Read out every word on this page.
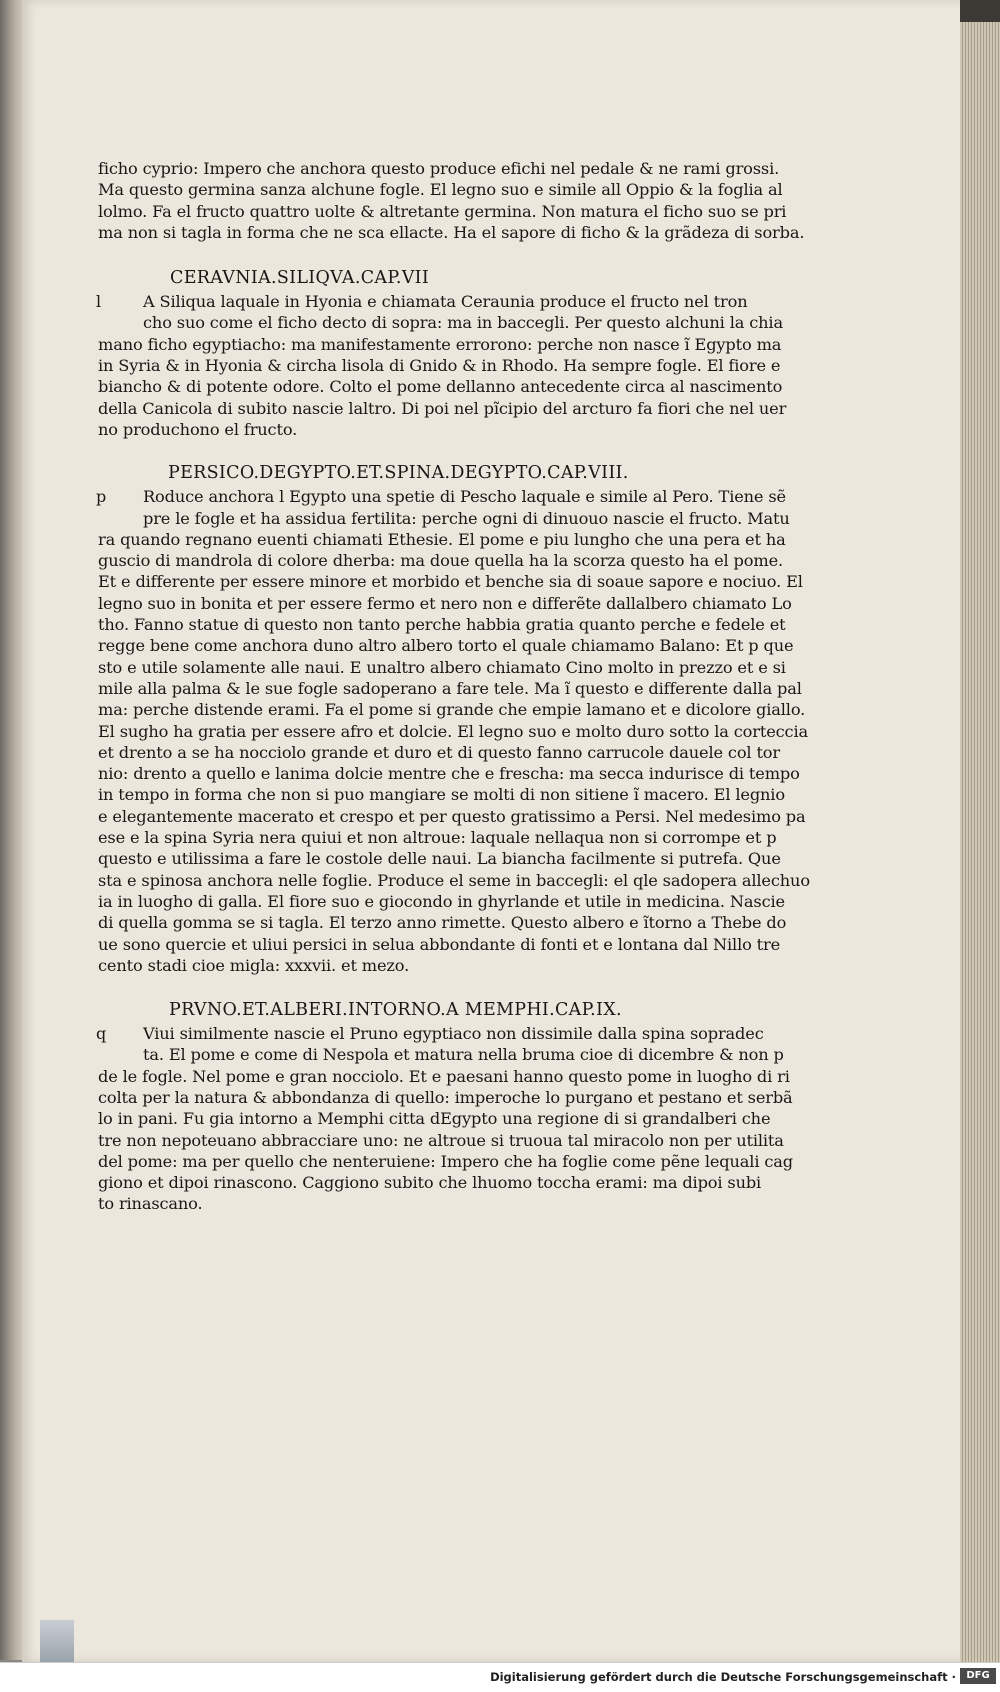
ficho cyprio: Impero che anchora questo produce efichi nel pedale & ne rami grossi.
Ma questo germina sanza alchune fogle. El legno suo e simile all Oppio & la foglia al
lolmo. Fa el fructo quattro uolte & altretante germina. Non matura el ficho suo se pri
ma non si tagla in forma che ne sca ellacte. Ha el sapore di ficho & la grãdeza di sorba.
CERAVNIA.SILIQVA.CAP.VII
l	A Siliqua laquale in Hyonia e chiamata Ceraunia produce el fructo nel tron
cho suo come el ficho decto di sopra: ma in baccegli. Per questo alchuni la chia
mano ficho egyptiacho: ma manifestamente errorono: perche non nasce ĩ Egypto ma
in Syria & in Hyonia & circha lisola di Gnido & in Rhodo. Ha sempre fogle. El fiore e
biancho & di potente odore. Colto el pome dellanno antecedente circa al nascimento
della Canicola di subito nascie laltro. Di poi nel pĩcipio del arcturo fa fiori che nel uer
no produchono el fructo.
PERSICO.DEGYPTO.ET.SPINA.DEGYPTO.CAP.VIII.
p Roduce anchora l Egypto una spetie di Pescho laquale e simile al Pero. Tiene sẽ
pre le fogle et ha assidua fertilita: perche ogni di dinuouo nascie el fructo. Matu
ra quando regnano euenti chiamati Ethesie. El pome e piu lungho che una pera et ha
guscio di mandrola di colore dherba: ma doue quella ha la scorza questo ha el pome.
Et e differente per essere minore et morbido et benche sia di soaue sapore e nociuo. El
legno suo in bonita et per essere fermo et nero non e differẽte dallalbero chiamato Lo
tho. Fanno statue di questo non tanto perche habbia gratia quanto perche e fedele et
regge bene come anchora duno altro albero torto el quale chiamamo Balano: Et p que
sto e utile solamente alle naui. E unaltro albero chiamato Cino molto in prezzo et e si
mile alla palma & le sue fogle sadoperano a fare tele. Ma ĩ questo e differente dalla pal
ma: perche distende erami. Fa el pome si grande che empie lamano et e dicolore giallo.
El sugho ha gratia per essere afro et dolcie. El legno suo e molto duro sotto la corteccia
et drento a se ha nocciolo grande et duro et di questo fanno carrucole dauele col tor
nio: drento a quello e lanima dolcie mentre che e frescha: ma secca indurisce di tempo
in tempo in forma che non si puo mangiare se molti di non sitiene ĩ macero. El legnio
e elegantemente macerato et crespo et per questo gratissimo a Persi. Nel medesimo pa
ese e la spina Syria nera quiui et non altroue: laquale nellaqua non si corrompe et p
questo e utilissima a fare le costole delle naui. La biancha facilmente si putrefa. Que
sta e spinosa anchora nelle foglie. Produce el seme in baccegli: el qle sadopera allechuo
ia in luogho di galla. El fiore suo e giocondo in ghyrlande et utile in medicina. Nascie
di quella gomma se si tagla. El terzo anno rimette. Questo albero e ĩtorno a Thebe do
ue sono quercie et uliui persici in selua abbondante di fonti et e lontana dal Nillo tre
cento stadi cioe migla: xxxvii. et mezo.
PRVNO.ET.ALBERI.INTORNO.A MEMPHI.CAP.IX.
q Viui similmente nascie el Pruno egyptiaco non dissimile dalla spina sopradec
ta. El pome e come di Nespola et matura nella bruma cioe di dicembre & non p
de le fogle. Nel pome e gran nocciolo. Et e paesani hanno questo pome in luogho di ri
colta per la natura & abbondanza di quello: imperoche lo purgano et pestano et serbã
lo in pani. Fu gia intorno a Memphi citta dEgypto una regione di si grandalberi che
tre non nepoteuano abbracciare uno: ne altroue si truoua tal miracolo non per utilita
del pome: ma per quello che nenteruiene: Impero che ha foglie come pẽne lequali cag
giono et dipoi rinascono. Caggiono subito che lhuomo toccha erami: ma dipoi subi
to rinascano.
Digitalisierung gefördert durch die Deutsche Forschungsgemeinschaft ·	DFG
